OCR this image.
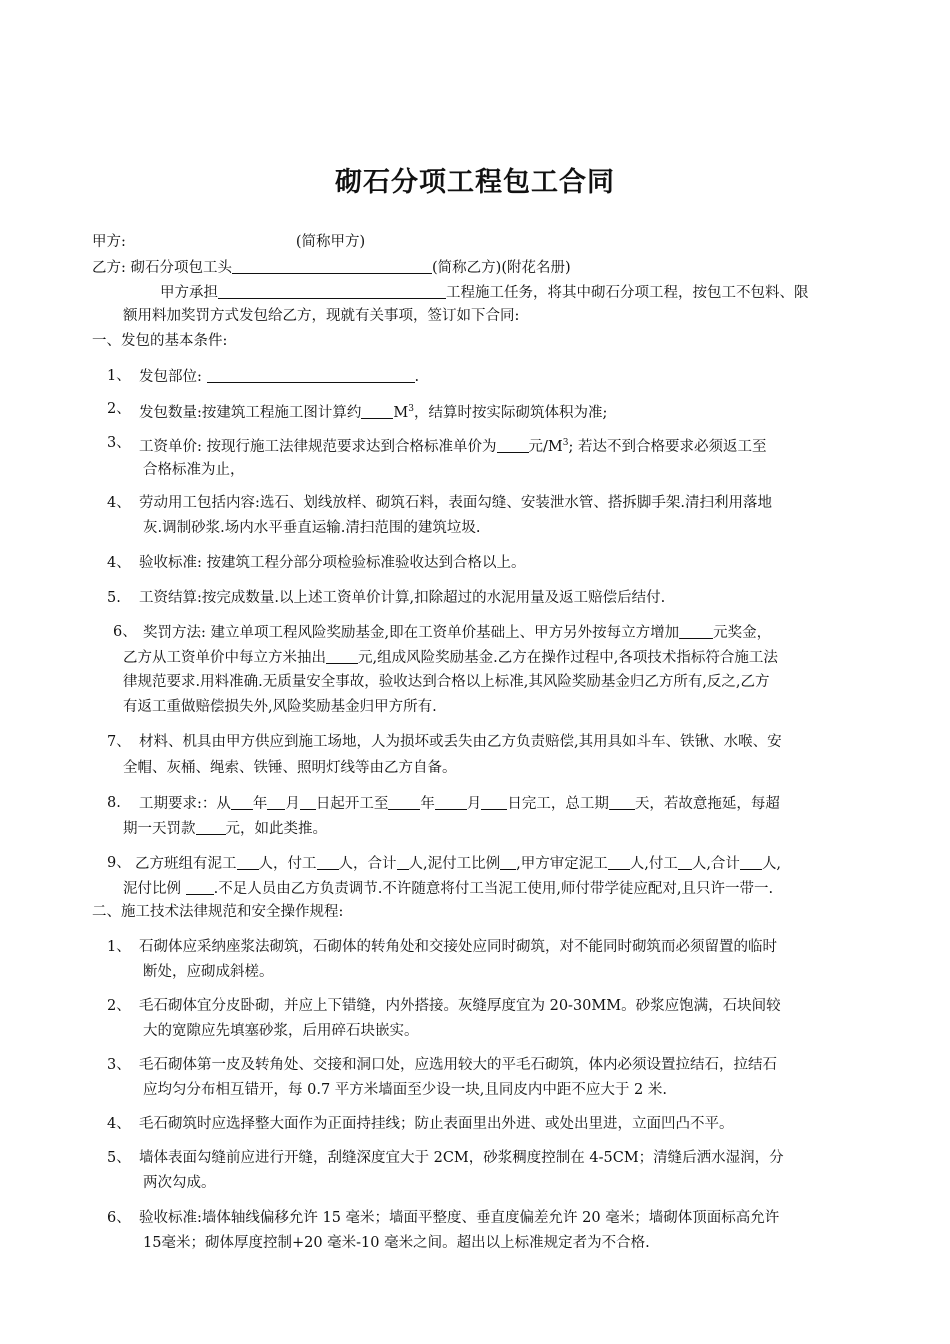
砌石分项工程包工合同
甲方:	(简称甲方)
乙方: 砌石分项包工头	(简称乙方)(附花名册)
甲方承担	工程施工任务，将其中砌石分项工程，按包工不包料、限
额用料加奖罚方式发包给乙方，现就有关事项，签订如下合同:
一、发包的基本条件:
1、 发包部位:	.
2、 发包数量:按建筑工程施工图计算约 $M^3$，结算时按实际砌筑体积为准;
3、 工资单价: 按现行施工法律规范要求达到合格标准单价为 元$/M^3$; 若达不到合格要求必须返工至
合格标准为止，
4、 劳动用工包括内容:选石、划线放样、砌筑石料，表面勾缝、安装泄水管、搭拆脚手架.清扫利用落地
灰.调制砂浆.场内水平垂直运输.清扫范围的建筑垃圾.
4、 验收标准: 按建筑工程分部分项检验标准验收达到合格以上。
5. 工资结算:按完成数量.以上述工资单价计算,扣除超过的水泥用量及返工赔偿后结付.
6、 奖罚方法: 建立单项工程风险奖励基金,即在工资单价基础上、甲方另外按每立方增加 元奖金，
乙方从工资单价中每立方米抽出 元,组成风险奖励基金.乙方在操作过程中,各项技术指标符合施工法
律规范要求.用料准确.无质量安全事故，验收达到合格以上标准,其风险奖励基金归乙方所有,反之,乙方
有返工重做赔偿损失外,风险奖励基金归甲方所有.
7、 材料、机具由甲方供应到施工场地，人为损坏或丢失由乙方负责赔偿,其用具如斗车、铁锹、水喉、安
全帽、灰桶、绳索、铁锤、照明灯线等由乙方自备。
8. 工期要求:：从 年 月 日起开工至 年 月 日完工，总工期 天，若故意拖延，每超
期一天罚款 元，如此类推。
9、 乙方班组有泥工 人，付工 人，合计 人,泥付工比例 ,甲方审定泥工 人,付工 人,合计 人,
泥付比例 .不足人员由乙方负责调节.不许随意将付工当泥工使用,师付带学徒应配对,且只许一带一.
二、施工技术法律规范和安全操作规程:
1、 石砌体应采纳座浆法砌筑，石砌体的转角处和交接处应同时砌筑，对不能同时砌筑而必须留置的临时
断处，应砌成斜槎。
2、 毛石砌体宜分皮卧砌，并应上下错缝，内外搭接。灰缝厚度宜为 20-30MM。砂浆应饱满，石块间较
大的宽隙应先填塞砂浆，后用碎石块嵌实。
3、 毛石砌体第一皮及转角处、交接和洞口处，应选用较大的平毛石砌筑，体内必须设置拉结石，拉结石
应均匀分布相互错开，每 0.7 平方米墙面至少设一块,且同皮内中距不应大于 2 米.
4、 毛石砌筑时应选择整大面作为正面持挂线；防止表面里出外进、或处出里进，立面凹凸不平。
5、 墙体表面勾缝前应进行开缝，刮缝深度宜大于 2CM，砂浆稠度控制在 4-5CM；清缝后洒水湿润，分
两次勾成。
6、 验收标准:墙体轴线偏移允许 15 毫米；墙面平整度、垂直度偏差允许 20 毫米；墙砌体顶面标高允许
15毫米；砌体厚度控制+20 毫米-10 毫米之间。超出以上标准规定者为不合格.
